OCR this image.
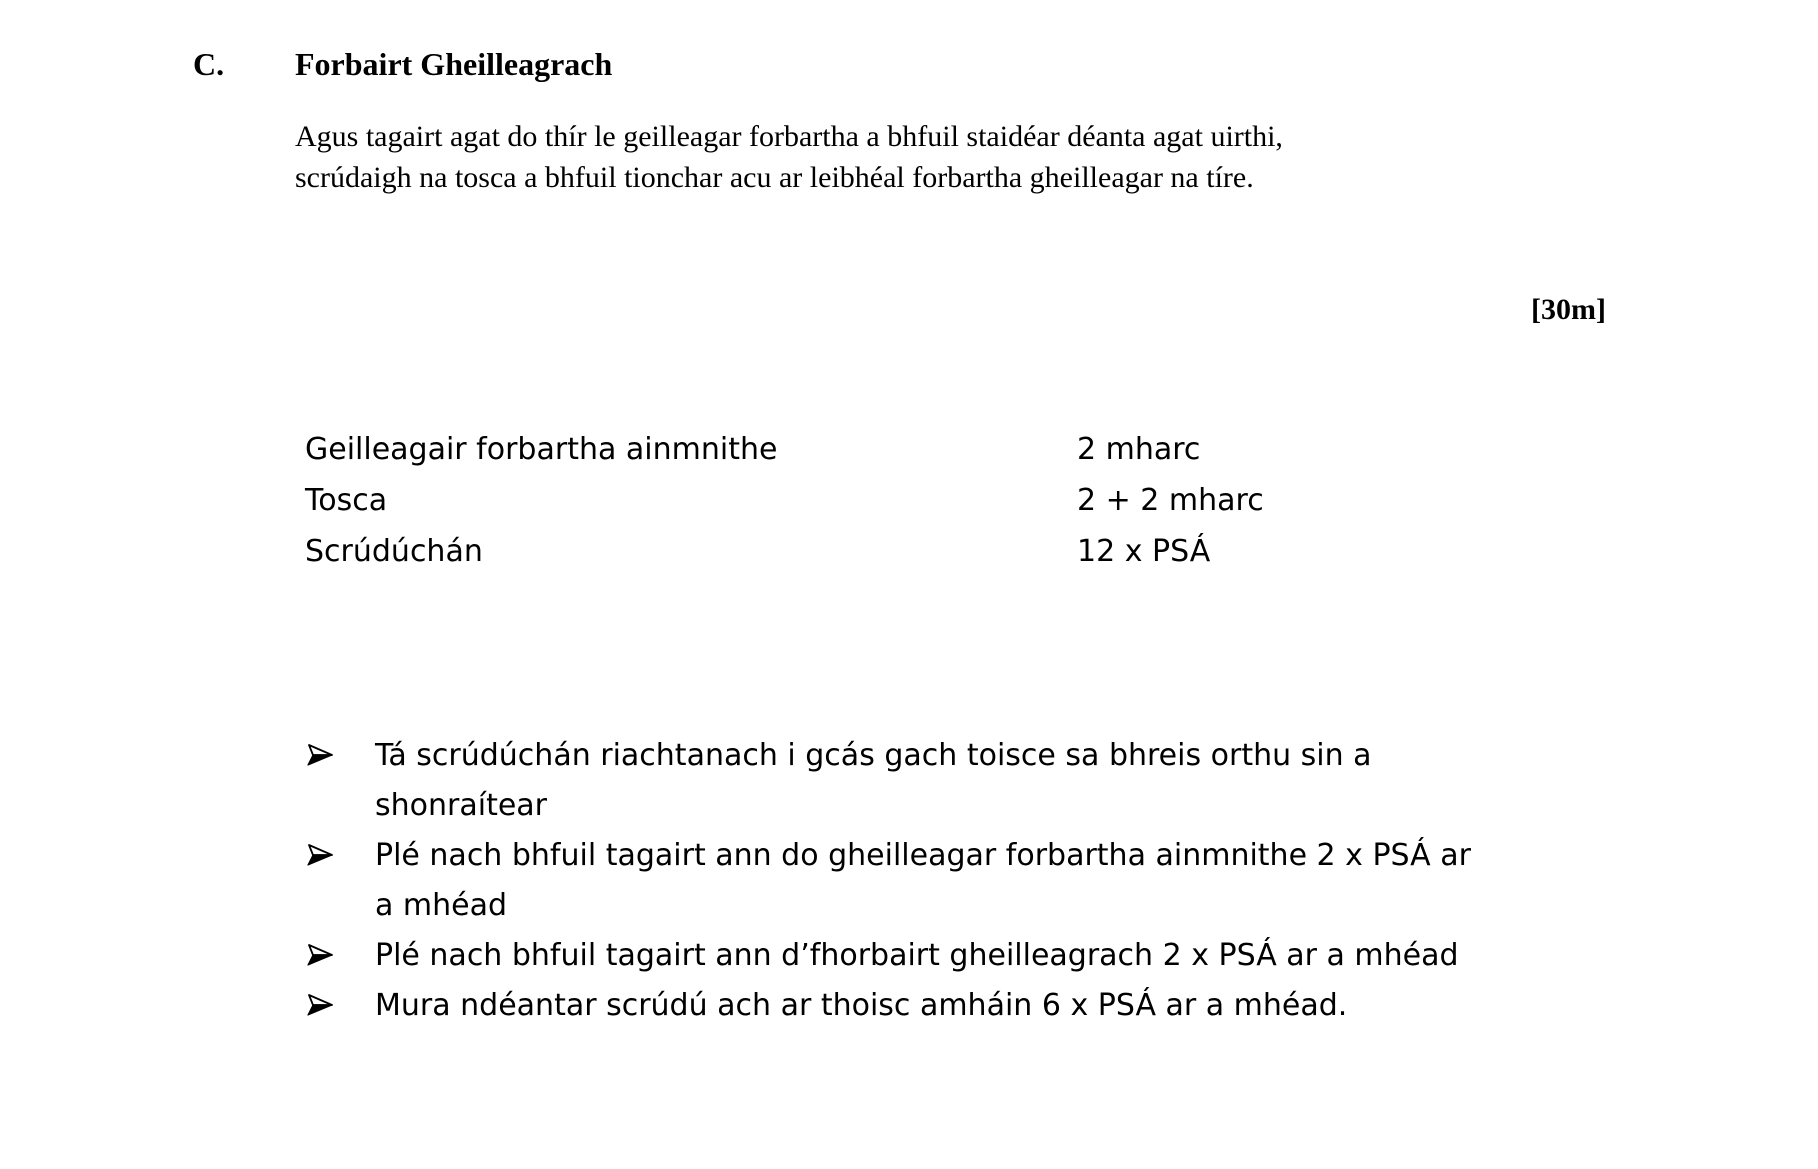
C. Forbairt Gheilleagrach
Agus tagairt agat do thír le geilleagar forbartha a bhfuil staidéar déanta agat uirthi,
scrúdaigh na tosca a bhfuil tionchar acu ar leibhéal forbartha gheilleagar na tíre.
[30m]
Geilleagair forbartha ainmnithe	2 mharc
Tosca	2 + 2 mharc
Scrúdúchán	12 x PSÁ
Tá scrúdúchán riachtanach i gcás gach toisce sa bhreis orthu sin a
shonraítear
Plé nach bhfuil tagairt ann do gheilleagar forbartha ainmnithe 2 x PSÁ ar
a mhéad
Plé nach bhfuil tagairt ann d’fhorbairt gheilleagrach 2 x PSÁ ar a mhéad
Mura ndéantar scrúdú ach ar thoisc amháin 6 x PSÁ ar a mhéad.
